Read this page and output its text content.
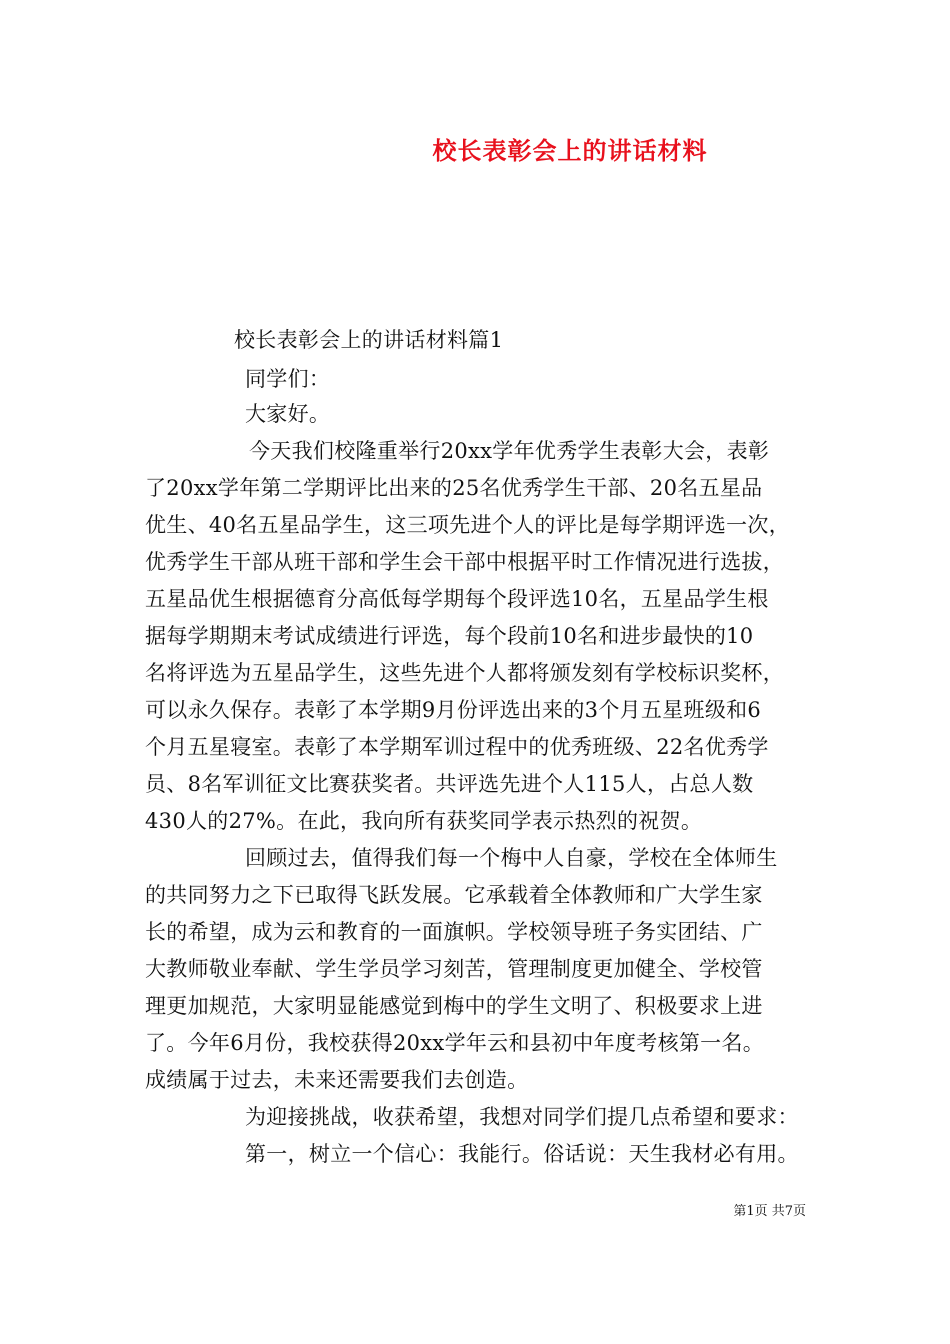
校长表彰会上的讲话材料
校长表彰会上的讲话材料篇1
同学们：
大家好。
今天我们校隆重举行20xx学年优秀学生表彰大会，表彰
了20xx学年第二学期评比出来的25名优秀学生干部、20名五星品
优生、40名五星品学生，这三项先进个人的评比是每学期评选一次，
优秀学生干部从班干部和学生会干部中根据平时工作情况进行选拔，
五星品优生根据德育分高低每学期每个段评选10名，五星品学生根
据每学期期末考试成绩进行评选，每个段前10名和进步最快的10
名将评选为五星品学生，这些先进个人都将颁发刻有学校标识奖杯，
可以永久保存。表彰了本学期9月份评选出来的3个月五星班级和6
个月五星寝室。表彰了本学期军训过程中的优秀班级、22名优秀学
员、8名军训征文比赛获奖者。共评选先进个人115人，占总人数
430人的27%。在此，我向所有获奖同学表示热烈的祝贺。
回顾过去，值得我们每一个梅中人自豪，学校在全体师生
的共同努力之下已取得飞跃发展。它承载着全体教师和广大学生家
长的希望，成为云和教育的一面旗帜。学校领导班子务实团结、广
大教师敬业奉献、学生学员学习刻苦，管理制度更加健全、学校管
理更加规范，大家明显能感觉到梅中的学生文明了、积极要求上进
了。今年6月份，我校获得20xx学年云和县初中年度考核第一名。
成绩属于过去，未来还需要我们去创造。
为迎接挑战，收获希望，我想对同学们提几点希望和要求：
第一，树立一个信心：我能行。俗话说：天生我材必有用。
第1页 共7页
